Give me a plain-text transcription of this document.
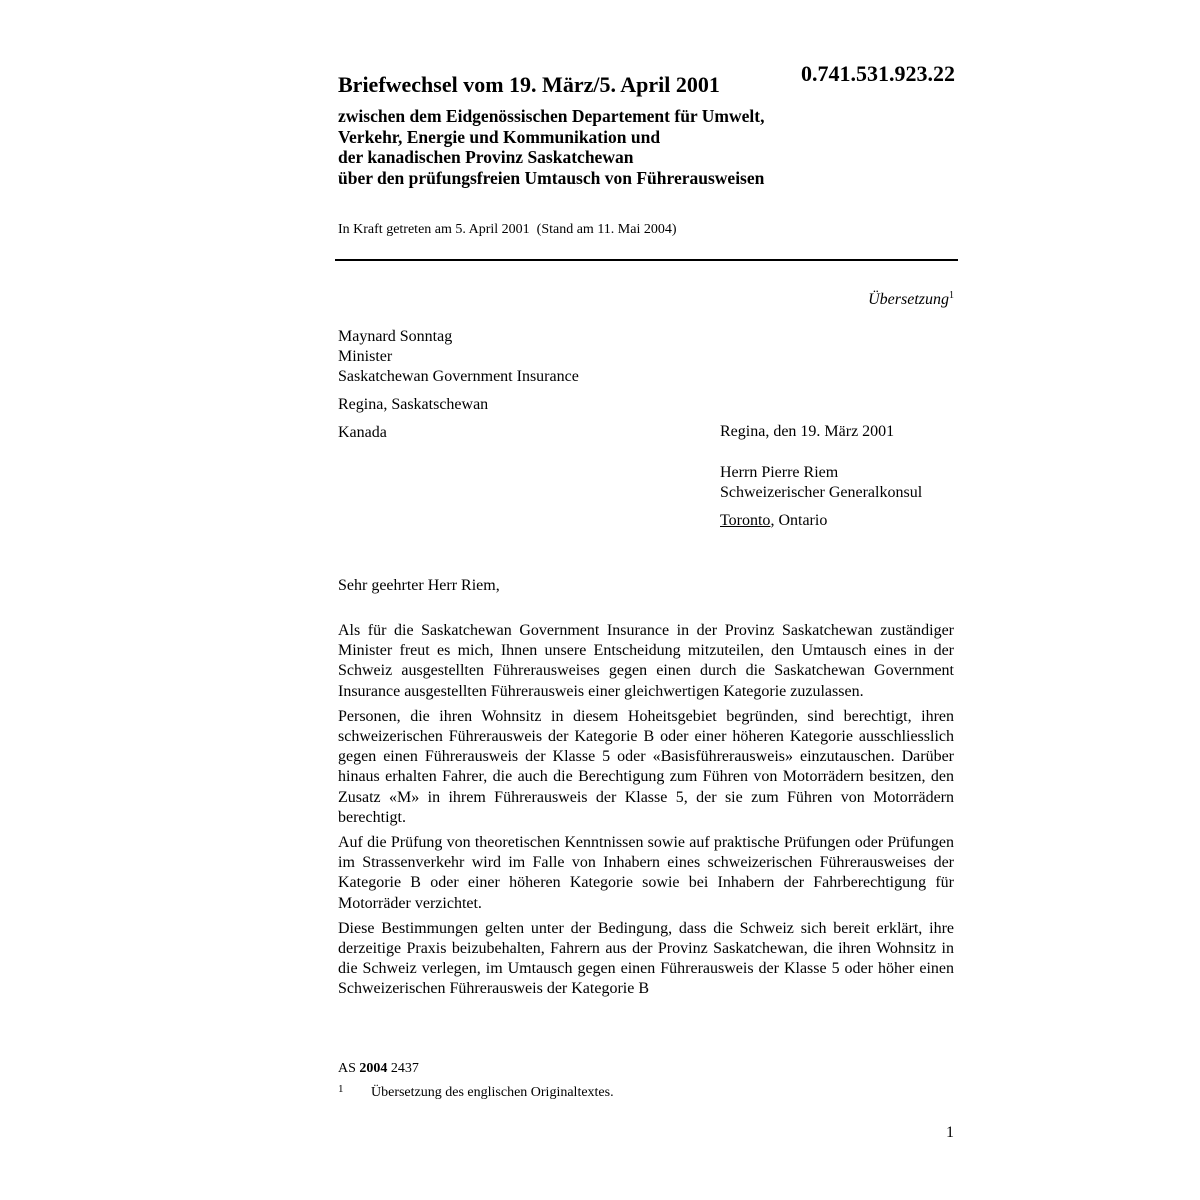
0.741.531.923.22
Briefwechsel vom 19. März/5. April 2001
zwischen dem Eidgenössischen Departement für Umwelt,
Verkehr, Energie und Kommunikation und
der kanadischen Provinz Saskatchewan
über den prüfungsfreien Umtausch von Führerausweisen
In Kraft getreten am 5. April 2001  (Stand am 11. Mai 2004)
Übersetzung$^1$
Maynard Sonntag
Minister
Saskatchewan Government Insurance
Regina, Saskatschewan
Kanada	Regina, den 19. März 2001
Herrn Pierre Riem
Schweizerischer Generalkonsul
Toronto, Ontario
Sehr geehrter Herr Riem,

Als für die Saskatchewan Government Insurance in der Provinz Saskatchewan zuständiger Minister freut es mich, Ihnen unsere Entscheidung mitzuteilen, den Umtausch eines in der Schweiz ausgestellten Führerausweises gegen einen durch die Saskatchewan Government Insurance ausgestellten Führerausweis einer gleichwertigen Kategorie zuzulassen.

Personen, die ihren Wohnsitz in diesem Hoheitsgebiet begründen, sind berechtigt, ihren schweizerischen Führerausweis der Kategorie B oder einer höheren Kategorie ausschliesslich gegen einen Führerausweis der Klasse 5 oder «Basisführerausweis» einzutauschen. Darüber hinaus erhalten Fahrer, die auch die Berechtigung zum Führen von Motorrädern besitzen, den Zusatz «M» in ihrem Führerausweis der Klasse 5, der sie zum Führen von Motorrädern berechtigt.

Auf die Prüfung von theoretischen Kenntnissen sowie auf praktische Prüfungen oder Prüfungen im Strassenverkehr wird im Falle von Inhabern eines schweizerischen Führerausweises der Kategorie B oder einer höheren Kategorie sowie bei Inhabern der Fahrberechtigung für Motorräder verzichtet.

Diese Bestimmungen gelten unter der Bedingung, dass die Schweiz sich bereit erklärt, ihre derzeitige Praxis beizubehalten, Fahrern aus der Provinz Saskatchewan, die ihren Wohnsitz in die Schweiz verlegen, im Umtausch gegen einen Führerausweis der Klasse 5 oder höher einen Schweizerischen Führerausweis der Kategorie B

AS 2004 2437
1 Übersetzung des englischen Originaltextes.
1
